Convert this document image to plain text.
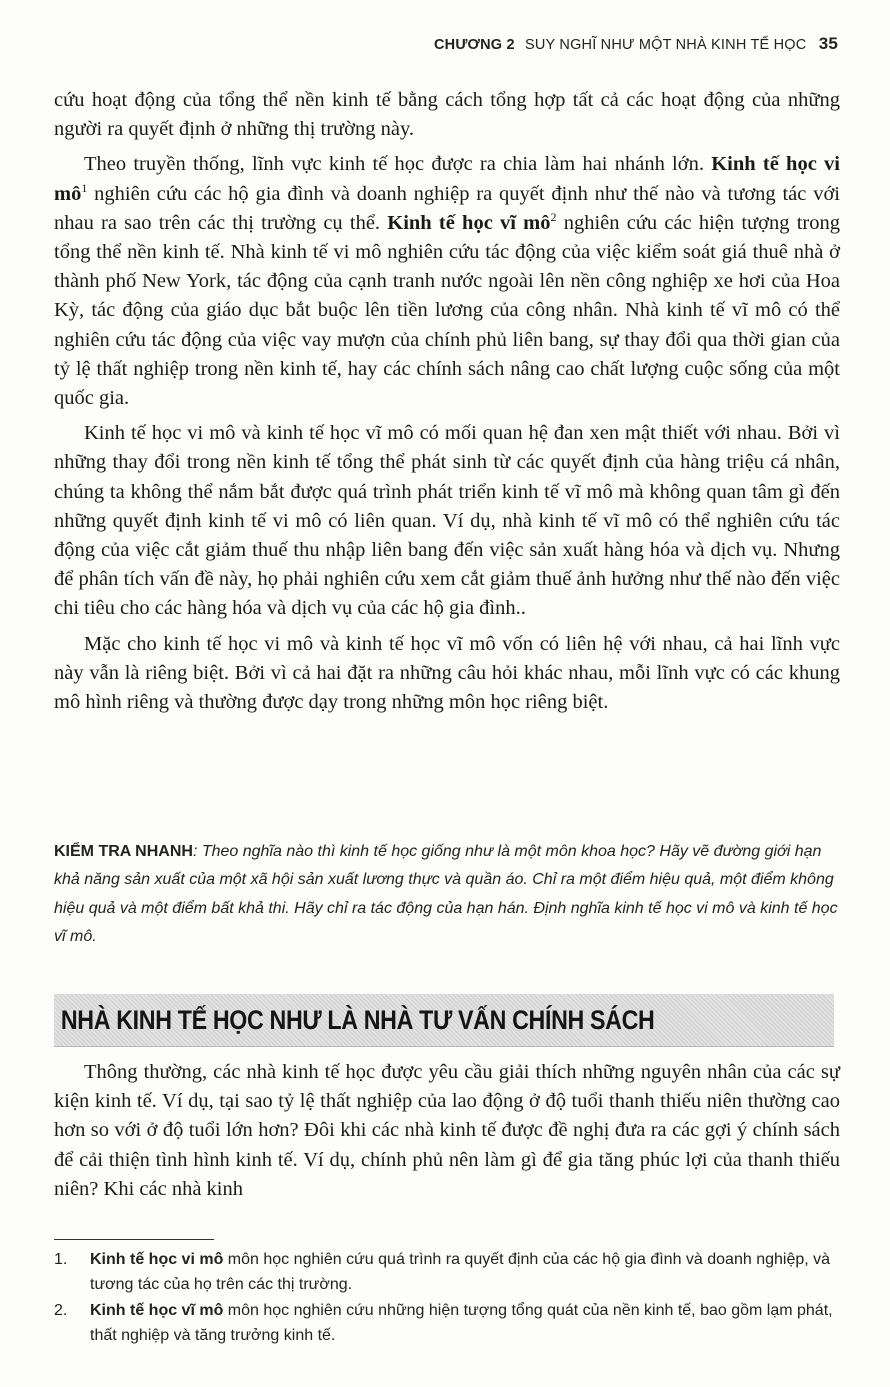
CHƯƠNG 2 SUY NGHĨ NHƯ MỘT NHÀ KINH TẾ HỌC 35

cứu hoạt động của tổng thể nền kinh tế bằng cách tổng hợp tất cả các hoạt động của những người ra quyết định ở những thị trường này.

Theo truyền thống, lĩnh vực kinh tế học được ra chia làm hai nhánh lớn. Kinh tế học vi $mô^1$ nghiên cứu các hộ gia đình và doanh nghiệp ra quyết định như thế nào và tương tác với nhau ra sao trên các thị trường cụ thể. Kinh tế học vĩ $mô^2$ nghiên cứu các hiện tượng trong tổng thể nền kinh tế. Nhà kinh tế vi mô nghiên cứu tác động của việc kiểm soát giá thuê nhà ở thành phố New York, tác động của cạnh tranh nước ngoài lên nền công nghiệp xe hơi của Hoa Kỳ, tác động của giáo dục bắt buộc lên tiền lương của công nhân. Nhà kinh tế vĩ mô có thể nghiên cứu tác động của việc vay mượn của chính phủ liên bang, sự thay đổi qua thời gian của tỷ lệ thất nghiệp trong nền kinh tế, hay các chính sách nâng cao chất lượng cuộc sống của một quốc gia.

Kinh tế học vi mô và kinh tế học vĩ mô có mối quan hệ đan xen mật thiết với nhau. Bởi vì những thay đổi trong nền kinh tế tổng thể phát sinh từ các quyết định của hàng triệu cá nhân, chúng ta không thể nắm bắt được quá trình phát triển kinh tế vĩ mô mà không quan tâm gì đến những quyết định kinh tế vi mô có liên quan. Ví dụ, nhà kinh tế vĩ mô có thể nghiên cứu tác động của việc cắt giảm thuế thu nhập liên bang đến việc sản xuất hàng hóa và dịch vụ. Nhưng để phân tích vấn đề này, họ phải nghiên cứu xem cắt giảm thuế ảnh hưởng như thế nào đến việc chi tiêu cho các hàng hóa và dịch vụ của các hộ gia đình..

Mặc cho kinh tế học vi mô và kinh tế học vĩ mô vốn có liên hệ với nhau, cả hai lĩnh vực này vẫn là riêng biệt. Bởi vì cả hai đặt ra những câu hỏi khác nhau, mỗi lĩnh vực có các khung mô hình riêng và thường được dạy trong những môn học riêng biệt.

KIỂM TRA NHANH: Theo nghĩa nào thì kinh tế học giống như là một môn khoa học? Hãy vẽ đường giới hạn khả năng sản xuất của một xã hội sản xuất lương thực và quần áo. Chỉ ra một điểm hiệu quả, một điểm không hiệu quả và một điểm bất khả thi. Hãy chỉ ra tác động của hạn hán. Định nghĩa kinh tế học vi mô và kinh tế học vĩ mô.
NHÀ KINH TẾ HỌC NHƯ LÀ NHÀ TƯ VẤN CHÍNH SÁCH

Thông thường, các nhà kinh tế học được yêu cầu giải thích những nguyên nhân của các sự kiện kinh tế. Ví dụ, tại sao tỷ lệ thất nghiệp của lao động ở độ tuổi thanh thiếu niên thường cao hơn so với ở độ tuổi lớn hơn? Đôi khi các nhà kinh tế được đề nghị đưa ra các gợi ý chính sách để cải thiện tình hình kinh tế. Ví dụ, chính phủ nên làm gì để gia tăng phúc lợi của thanh thiếu niên? Khi các nhà kinh

1.	Kinh tế học vi mô môn học nghiên cứu quá trình ra quyết định của các hộ gia đình và doanh nghiệp, và tương tác của họ trên các thị trường.
2.	Kinh tế học vĩ mô môn học nghiên cứu những hiện tượng tổng quát của nền kinh tế, bao gồm lạm phát, thất nghiệp và tăng trưởng kinh tế.
